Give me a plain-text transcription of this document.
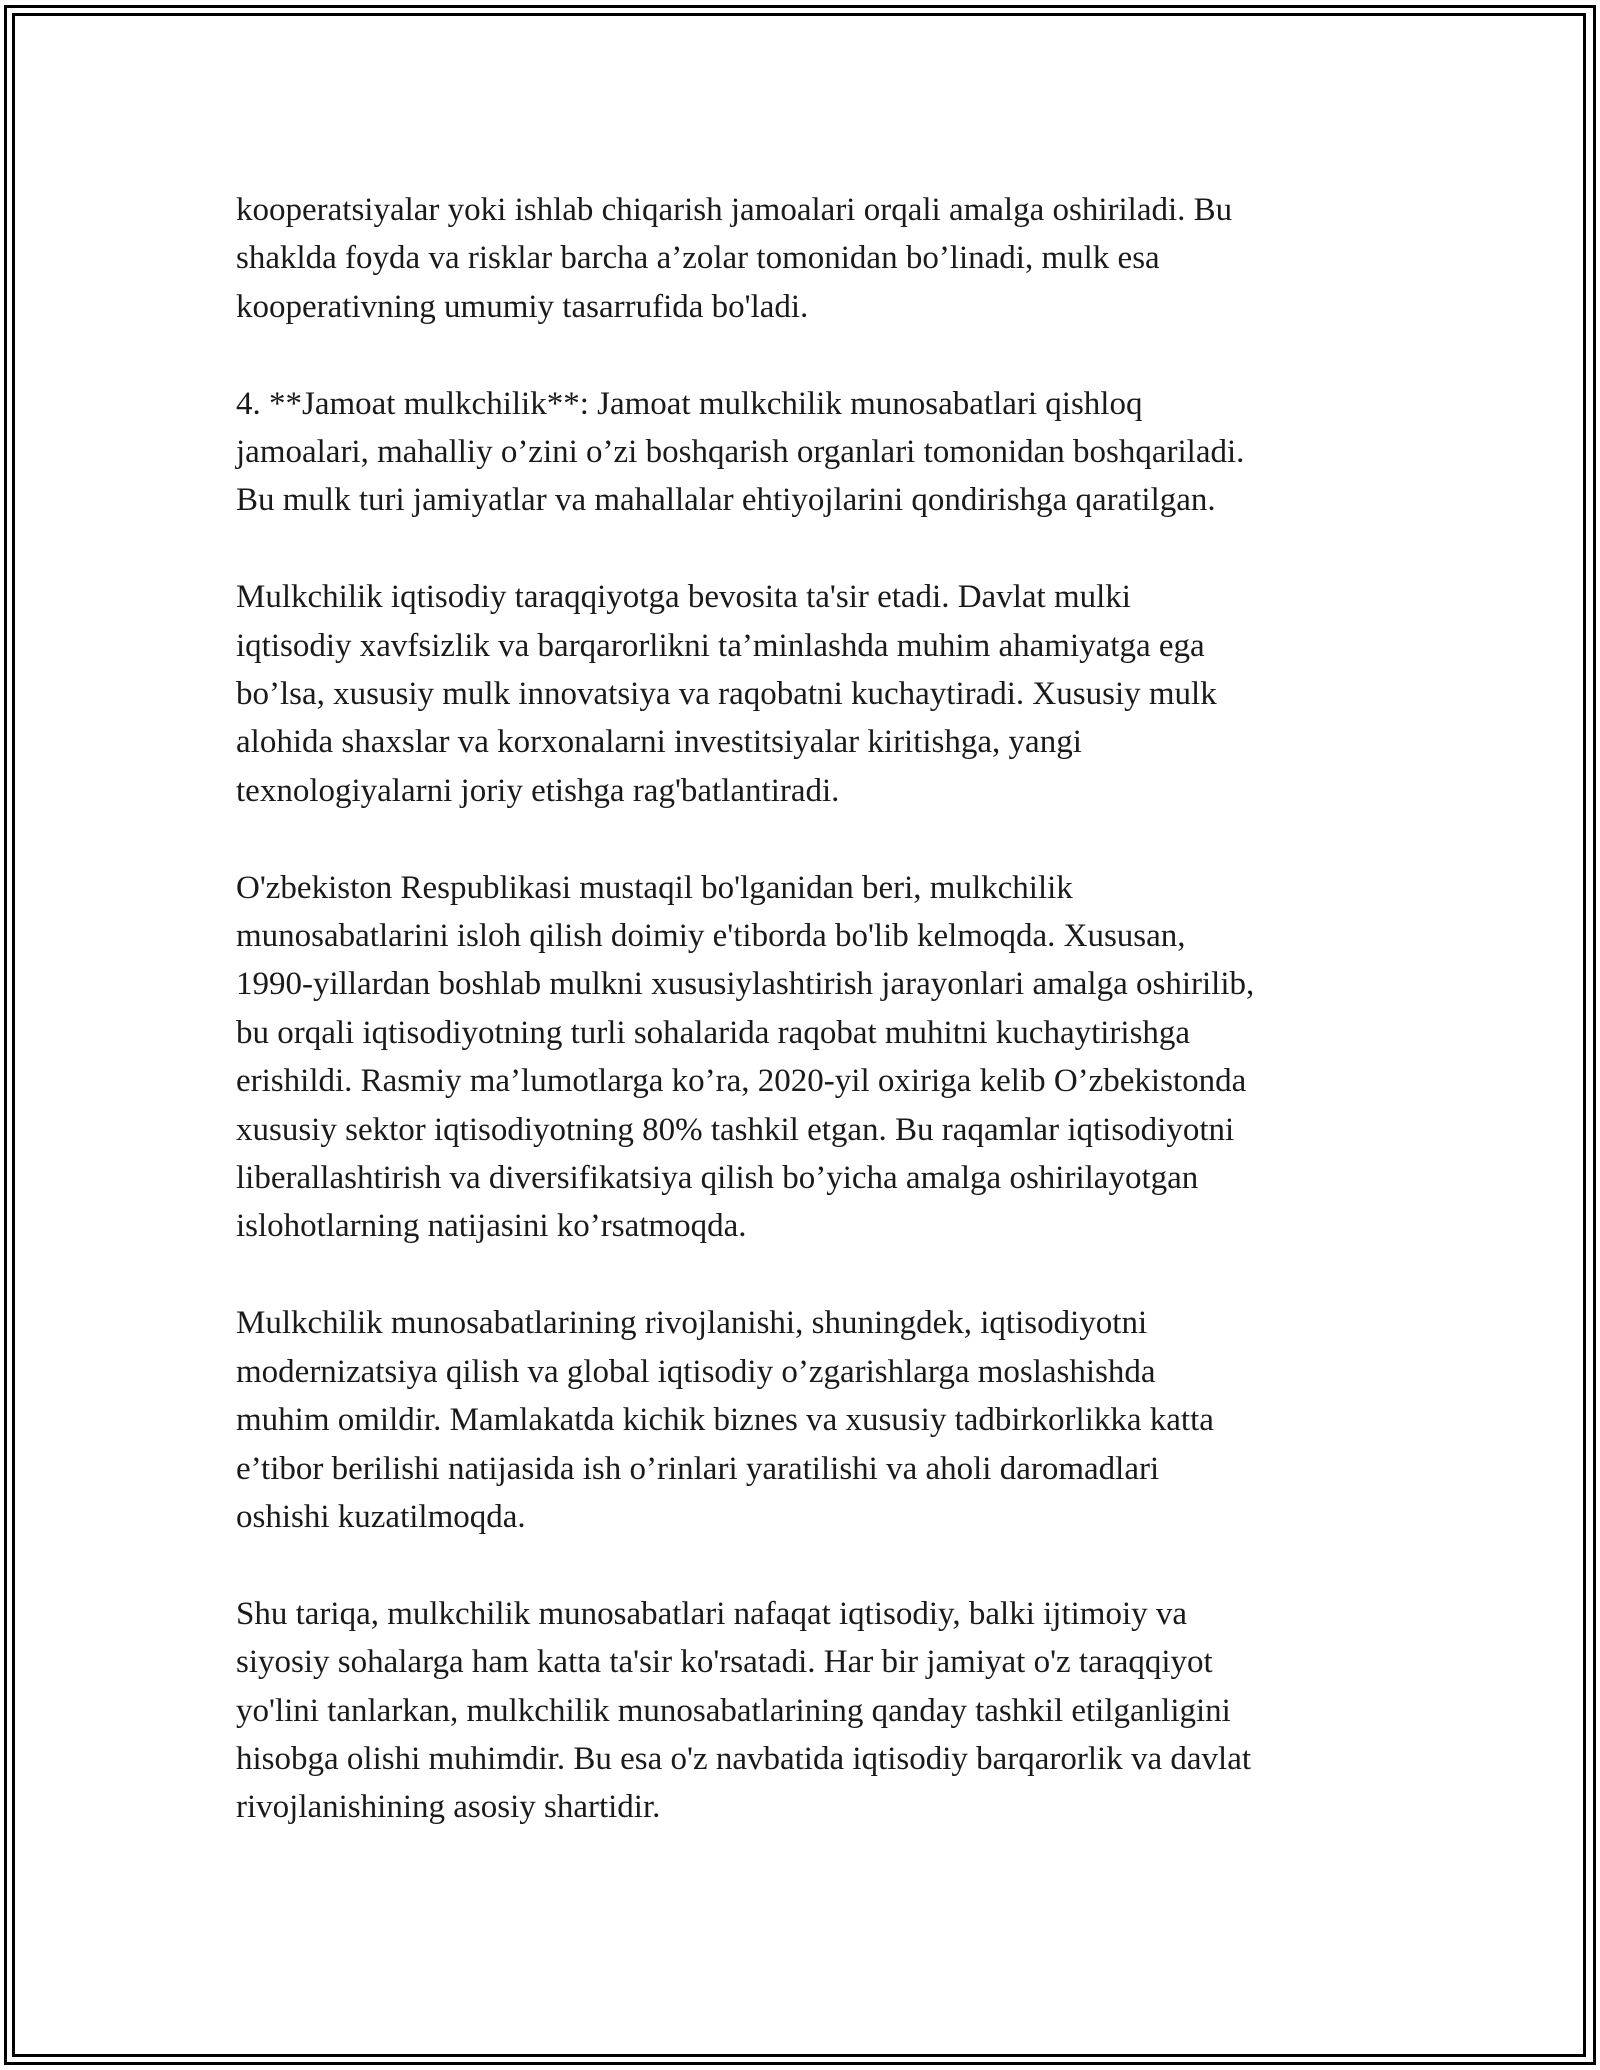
kooperatsiyalar yoki ishlab chiqarish jamoalari orqali amalga oshiriladi. Bu
shaklda foyda va risklar barcha a’zolar tomonidan bo’linadi, mulk esa
kooperativning umumiy tasarrufida bo'ladi.
4. **Jamoat mulkchilik**: Jamoat mulkchilik munosabatlari qishloq
jamoalari, mahalliy o’zini o’zi boshqarish organlari tomonidan boshqariladi.
Bu mulk turi jamiyatlar va mahallalar ehtiyojlarini qondirishga qaratilgan.
Mulkchilik iqtisodiy taraqqiyotga bevosita ta'sir etadi. Davlat mulki
iqtisodiy xavfsizlik va barqarorlikni ta’minlashda muhim ahamiyatga ega
bo’lsa, xususiy mulk innovatsiya va raqobatni kuchaytiradi. Xususiy mulk
alohida shaxslar va korxonalarni investitsiyalar kiritishga, yangi
texnologiyalarni joriy etishga rag'batlantiradi.
O'zbekiston Respublikasi mustaqil bo'lganidan beri, mulkchilik
munosabatlarini isloh qilish doimiy e'tiborda bo'lib kelmoqda. Xususan,
1990-yillardan boshlab mulkni xususiylashtirish jarayonlari amalga oshirilib,
bu orqali iqtisodiyotning turli sohalarida raqobat muhitni kuchaytirishga
erishildi. Rasmiy ma’lumotlarga ko’ra, 2020-yil oxiriga kelib O’zbekistonda
xususiy sektor iqtisodiyotning 80% tashkil etgan. Bu raqamlar iqtisodiyotni
liberallashtirish va diversifikatsiya qilish bo’yicha amalga oshirilayotgan
islohotlarning natijasini ko’rsatmoqda.
Mulkchilik munosabatlarining rivojlanishi, shuningdek, iqtisodiyotni
modernizatsiya qilish va global iqtisodiy o’zgarishlarga moslashishda
muhim omildir. Mamlakatda kichik biznes va xususiy tadbirkorlikka katta
e’tibor berilishi natijasida ish o’rinlari yaratilishi va aholi daromadlari
oshishi kuzatilmoqda.
Shu tariqa, mulkchilik munosabatlari nafaqat iqtisodiy, balki ijtimoiy va
siyosiy sohalarga ham katta ta'sir ko'rsatadi. Har bir jamiyat o'z taraqqiyot
yo'lini tanlarkan, mulkchilik munosabatlarining qanday tashkil etilganligini
hisobga olishi muhimdir. Bu esa o'z navbatida iqtisodiy barqarorlik va davlat
rivojlanishining asosiy shartidir.
